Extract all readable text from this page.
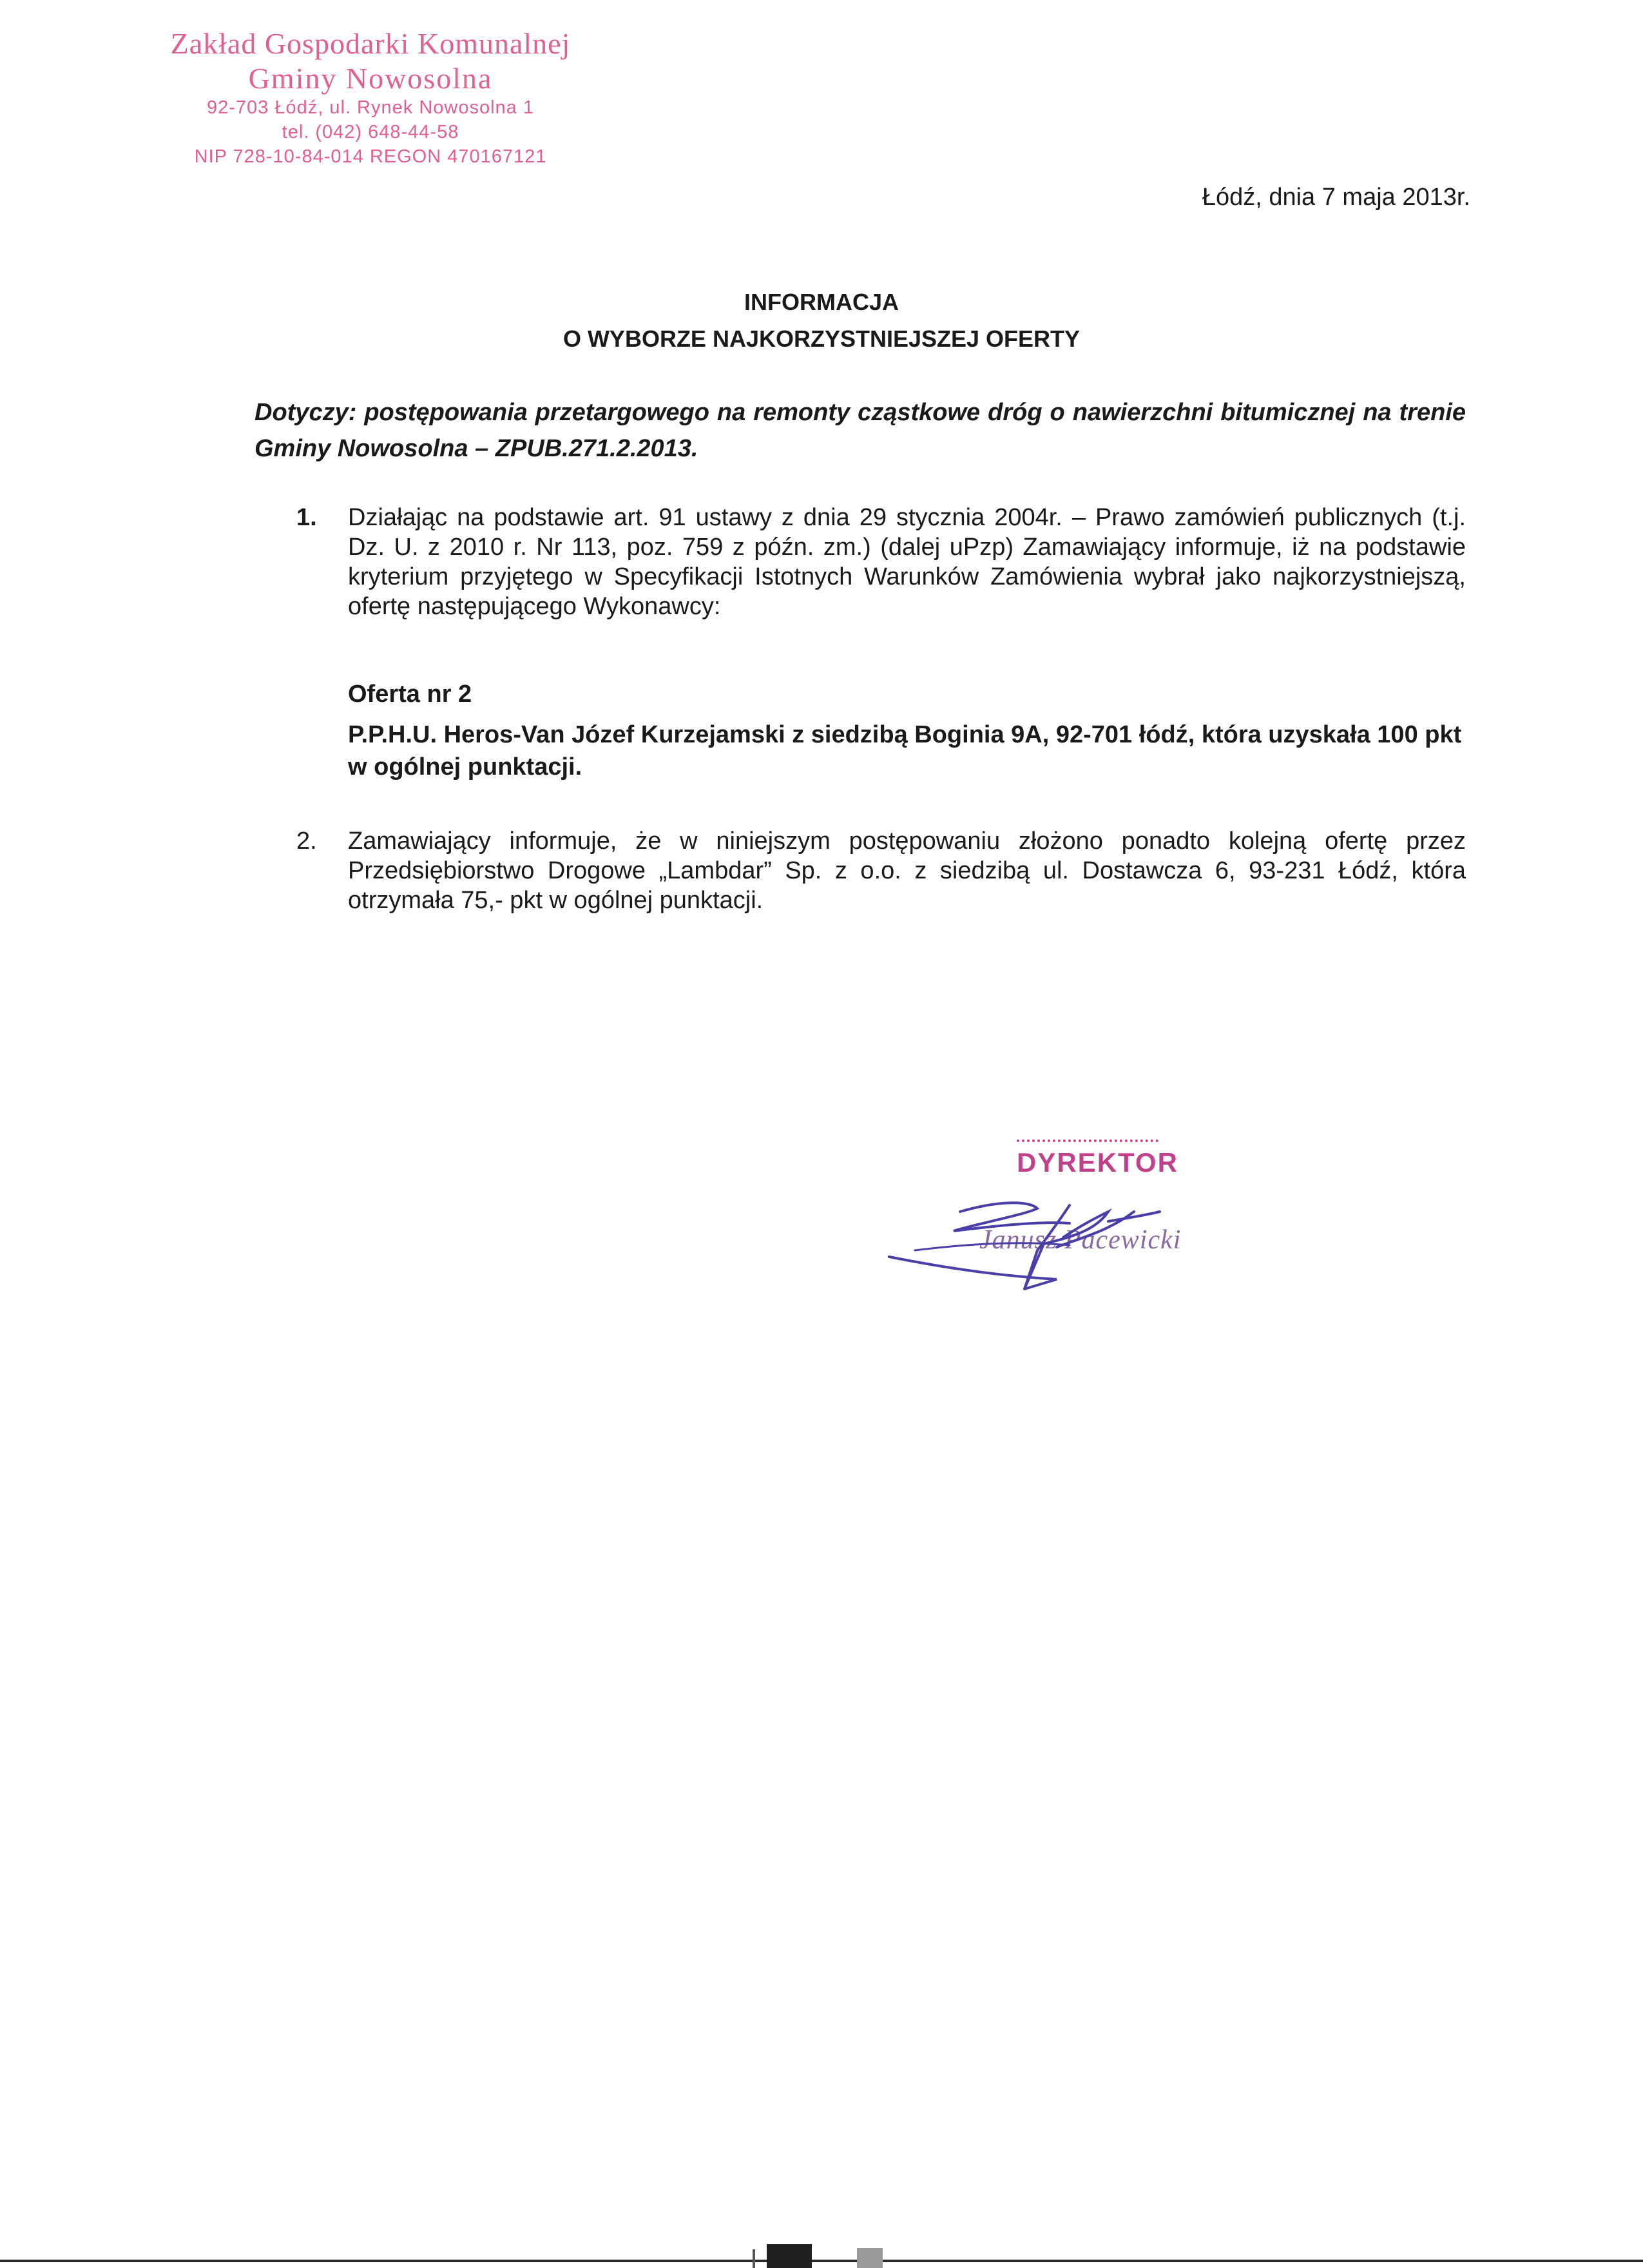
Zakład Gospodarki Komunalnej
Gminy Nowosolna
92-703 Łódź, ul. Rynek Nowosolna 1
tel. (042) 648-44-58
NIP 728-10-84-014 REGON 470167121
Łódź, dnia 7 maja 2013r.
INFORMACJA
O WYBORZE NAJKORZYSTNIEJSZEJ OFERTY
Dotyczy: postępowania przetargowego na remonty cząstkowe dróg o nawierzchni bitumicznej na trenie Gminy Nowosolna – ZPUB.271.2.2013.
1. Działając na podstawie art. 91 ustawy z dnia 29 stycznia 2004r. – Prawo zamówień publicznych (t.j. Dz. U. z 2010 r. Nr 113, poz. 759 z późn. zm.) (dalej uPzp) Zamawiający informuje, iż na podstawie kryterium przyjętego w Specyfikacji Istotnych Warunków Zamówienia wybrał jako najkorzystniejszą, ofertę następującego Wykonawcy:
Oferta nr 2
P.P.H.U. Heros-Van Józef Kurzejamski z siedzibą Boginia 9A, 92-701 łódź, która uzyskała 100 pkt w ogólnej punktacji.
2. Zamawiający informuje, że w niniejszym postępowaniu złożono ponadto kolejną ofertę przez Przedsiębiorstwo Drogowe „Lambdar” Sp. z o.o. z siedzibą ul. Dostawcza 6, 93-231 Łódź, która otrzymała 75,- pkt w ogólnej punktacji.
DYREKTOR
Janusz Pacewicki
